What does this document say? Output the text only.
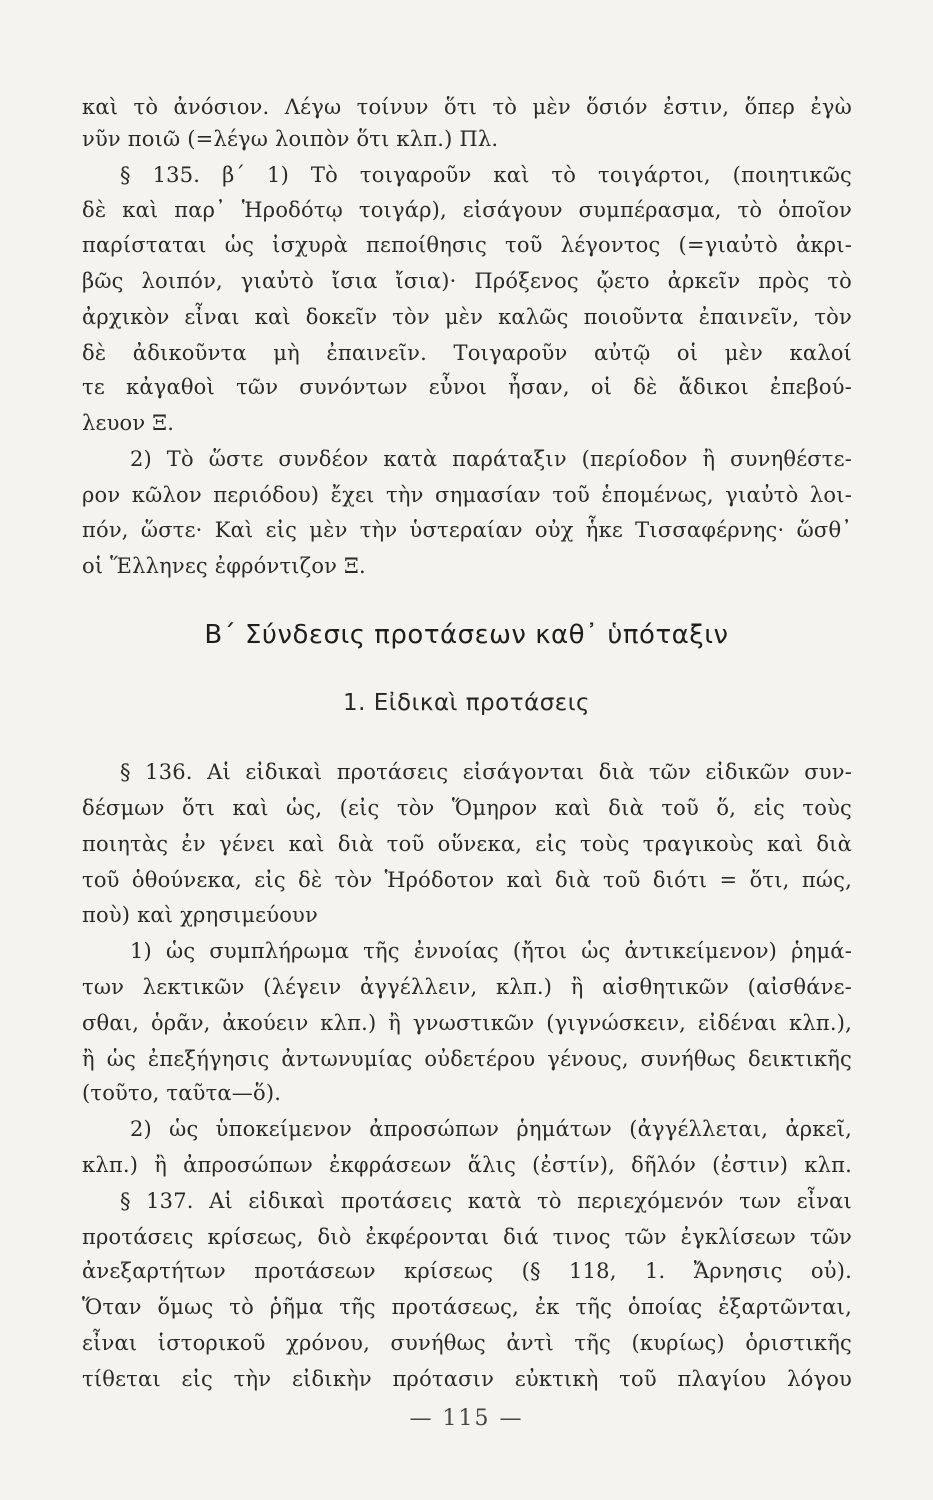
καὶ τὸ ἀνόσιον. Λέγω τοίνυν ὅτι τὸ μὲν ὅσιόν ἐστιν, ὅπερ ἐγὼ
νῦν ποιῶ (=λέγω λοιπὸν ὅτι κλπ.) Πλ.
§ 135. β΄ 1) Τὸ τοιγαροῦν καὶ τὸ τοιγάρτοι, (ποιητικῶς
δὲ καὶ παρ᾽ Ἡροδότῳ τοιγάρ), εἰσάγουν συμπέρασμα, τὸ ὁποῖον
παρίσταται ὡς ἰσχυρὰ πεποίθησις τοῦ λέγοντος (=γιαὐτὸ ἀκρι-
βῶς λοιπόν, γιαὐτὸ ἴσια ἴσια)· Πρόξενος ᾤετο ἀρκεῖν πρὸς τὸ
ἀρχικὸν εἶναι καὶ δοκεῖν τὸν μὲν καλῶς ποιοῦντα ἐπαινεῖν, τὸν
δὲ ἀδικοῦντα μὴ ἐπαινεῖν. Τοιγαροῦν αὐτῷ οἱ μὲν καλοί
τε κἀγαθοὶ τῶν συνόντων εὖνοι ἦσαν, οἱ δὲ ἄδικοι ἐπεβού-
λευον Ξ.
2) Τὸ ὥστε συνδέον κατὰ παράταξιν (περίοδον ἢ συνηθέστε-
ρον κῶλον περιόδου) ἔχει τὴν σημασίαν τοῦ ἑπομένως, γιαὐτὸ λοι-
πόν, ὥστε· Καὶ εἰς μὲν τὴν ὑστεραίαν οὐχ ἧκε Τισσαφέρνης· ὥσθ᾽
οἱ Ἕλληνες ἐφρόντιζον Ξ.
Β΄ Σύνδεσις προτάσεων καθ᾽ ὑπόταξιν
1. Εἰδικαὶ προτάσεις
§ 136. Αἱ εἰδικαὶ προτάσεις εἰσάγονται διὰ τῶν εἰδικῶν συν-
δέσμων ὅτι καὶ ὡς, (εἰς τὸν Ὅμηρον καὶ διὰ τοῦ ὅ, εἰς τοὺς
ποιητὰς ἐν γένει καὶ διὰ τοῦ οὕνεκα, εἰς τοὺς τραγικοὺς καὶ διὰ
τοῦ ὁθούνεκα, εἰς δὲ τὸν Ἡρόδοτον καὶ διὰ τοῦ διότι = ὅτι, πώς,
ποὺ) καὶ χρησιμεύουν
1) ὡς συμπλήρωμα τῆς ἐννοίας (ἤτοι ὡς ἀντικείμενον) ῥημά-
των λεκτικῶν (λέγειν ἀγγέλλειν, κλπ.) ἢ αἰσθητικῶν (αἰσθάνε-
σθαι, ὁρᾶν, ἀκούειν κλπ.) ἢ γνωστικῶν (γιγνώσκειν, εἰδέναι κλπ.),
ἢ ὡς ἐπεξήγησις ἀντωνυμίας οὐδετέρου γένους, συνήθως δεικτικῆς
(τοῦτο, ταῦτα—ὅ).
2) ὡς ὑποκείμενον ἀπροσώπων ῥημάτων (ἀγγέλλεται, ἀρκεῖ,
κλπ.) ἢ ἀπροσώπων ἐκφράσεων ἅλις (ἐστίν), δῆλόν (ἐστιν) κλπ.
§ 137. Αἱ εἰδικαὶ προτάσεις κατὰ τὸ περιεχόμενόν των εἶναι
προτάσεις κρίσεως, διὸ ἐκφέρονται διά τινος τῶν ἐγκλίσεων τῶν
ἀνεξαρτήτων προτάσεων κρίσεως (§ 118, 1. Ἄρνησις οὐ).
Ὅταν ὅμως τὸ ῥῆμα τῆς προτάσεως, ἐκ τῆς ὁποίας ἐξαρτῶνται,
εἶναι ἱστορικοῦ χρόνου, συνήθως ἀντὶ τῆς (κυρίως) ὁριστικῆς
τίθεται εἰς τὴν εἰδικὴν πρότασιν εὐκτικὴ τοῦ πλαγίου λόγου
— 115 —
